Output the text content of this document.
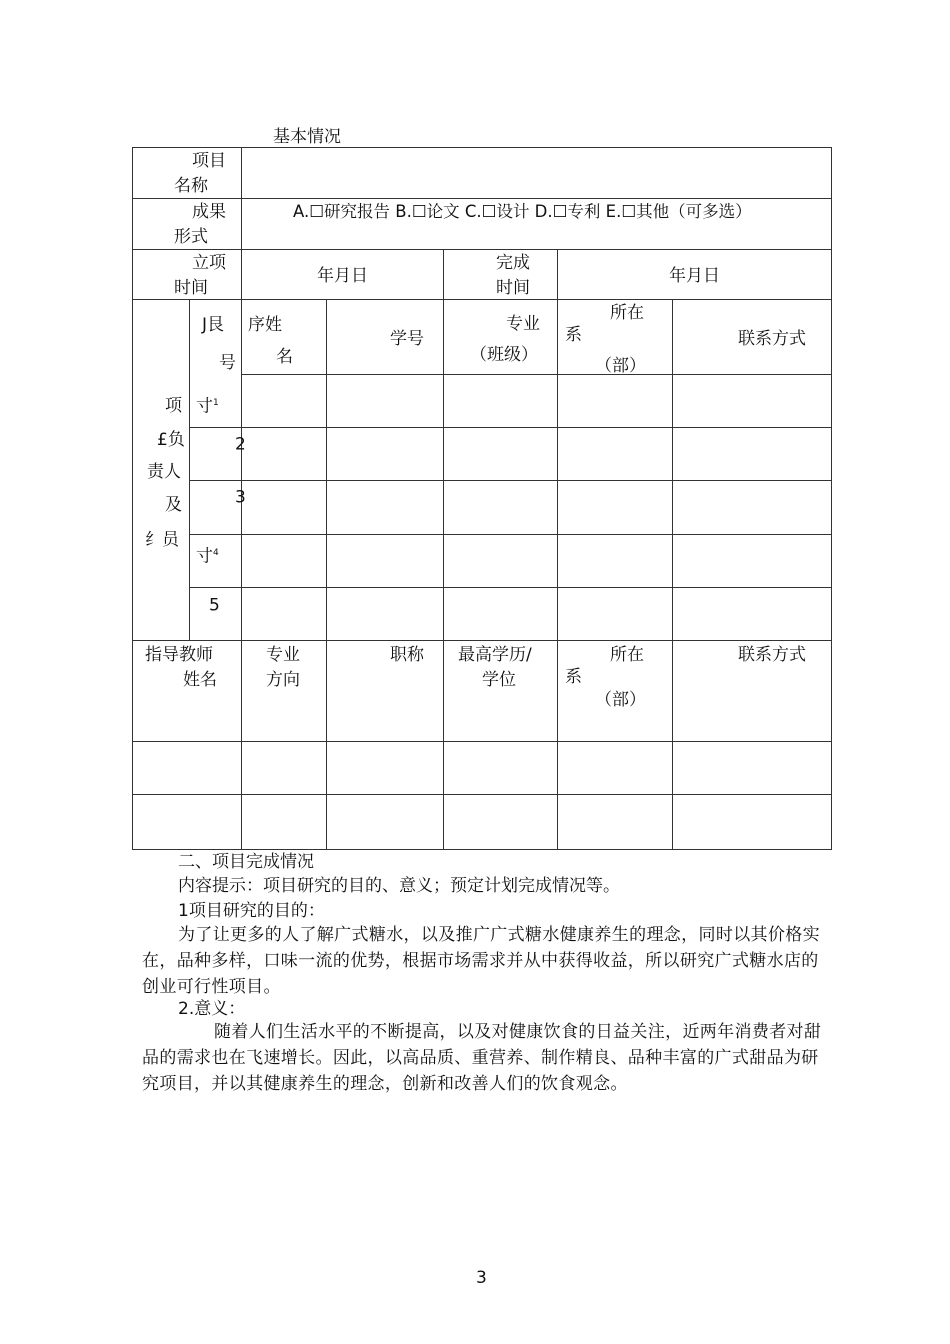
基本情况
项目
名称
成果
形式
A.☐研究报告 B.☐论文 C.☐设计 D.☐专利 E.☐其他（可多选）
立项
时间
年月日
完成
时间
年月日
项
£负
责人
及
纟员
J艮
号
序姓
名
学号
专业
（班级）
所在
系
（部）
联系方式
寸$^1$
2
3
寸$^4$
5
指导教师
姓名
专业
方向
职称 最高学历/
学位
所在
系
（部）
联系方式
二、项目完成情况
内容提示：项目研究的目的、意义；预定计划完成情况等。
1项目研究的目的：
为了让更多的人了解广式糖水，以及推广广式糖水健康养生的理念，同时以其价格实在，品种多样，口味一流的优势，根据市场需求并从中获得收益，所以研究广式糖水店的创业可行性项目。
2.意义：
随着人们生活水平的不断提高，以及对健康饮食的日益关注，近两年消费者对甜品的需求也在飞速增长。因此，以高品质、重营养、制作精良、品种丰富的广式甜品为研究项目，并以其健康养生的理念，创新和改善人们的饮食观念。
3
